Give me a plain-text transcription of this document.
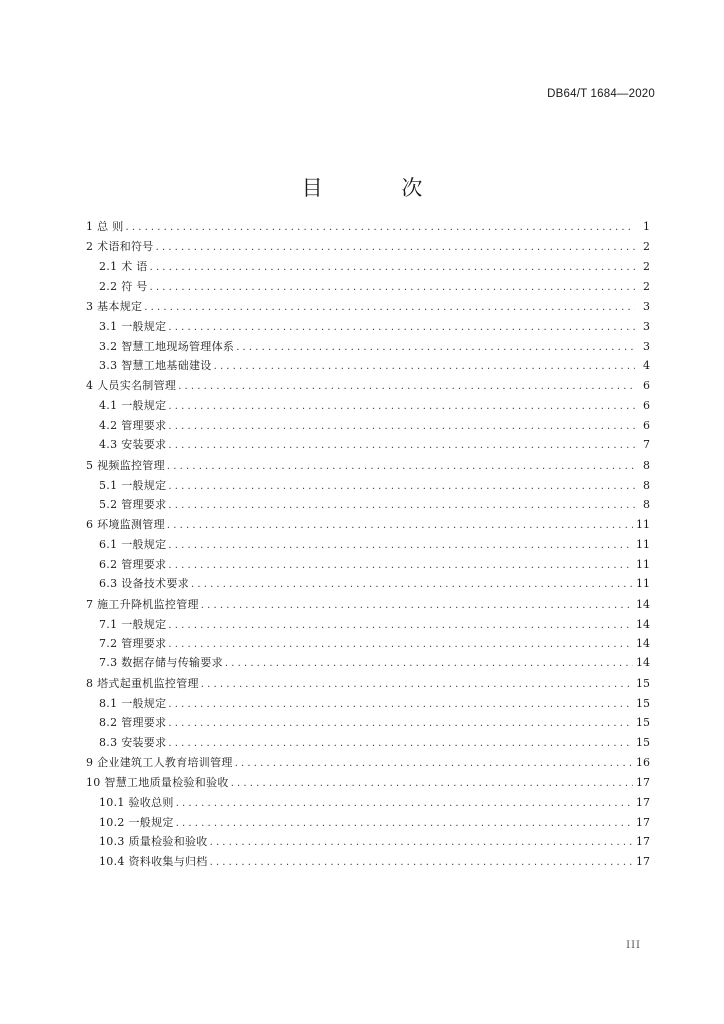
DB64/T 1684—2020
目 次
1 总 则 . . .	1
2 术语和符号 . . .	2
2.1 术 语 . . .	2
2.2 符 号 . . .	2
3 基本规定 . . .	3
3.1 一般规定 . . .	3
3.2 智慧工地现场管理体系 . . .	3
3.3 智慧工地基础建设 . . .	4
4 人员实名制管理 . . .	6
4.1 一般规定 . . .	6
4.2 管理要求 . . .	6
4.3 安装要求 . . .	7
5 视频监控管理 . . .	8
5.1 一般规定 . . .	8
5.2 管理要求 . . .	8
6 环境监测管理 . . .	11
6.1 一般规定 . . .	11
6.2 管理要求 . . .	11
6.3 设备技术要求 . . .	11
7 施工升降机监控管理 . . .	14
7.1 一般规定 . . .	14
7.2 管理要求 . . .	14
7.3 数据存储与传输要求 . . .	14
8 塔式起重机监控管理 . . .	15
8.1 一般规定 . . .	15
8.2 管理要求 . . .	15
8.3 安装要求 . . .	15
9 企业建筑工人教育培训管理 . . .	16
10 智慧工地质量检验和验收 . . .	17
10.1 验收总则 . . .	17
10.2 一般规定 . . .	17
10.3 质量检验和验收 . . .	17
10.4 资料收集与归档 . . .	17
III
